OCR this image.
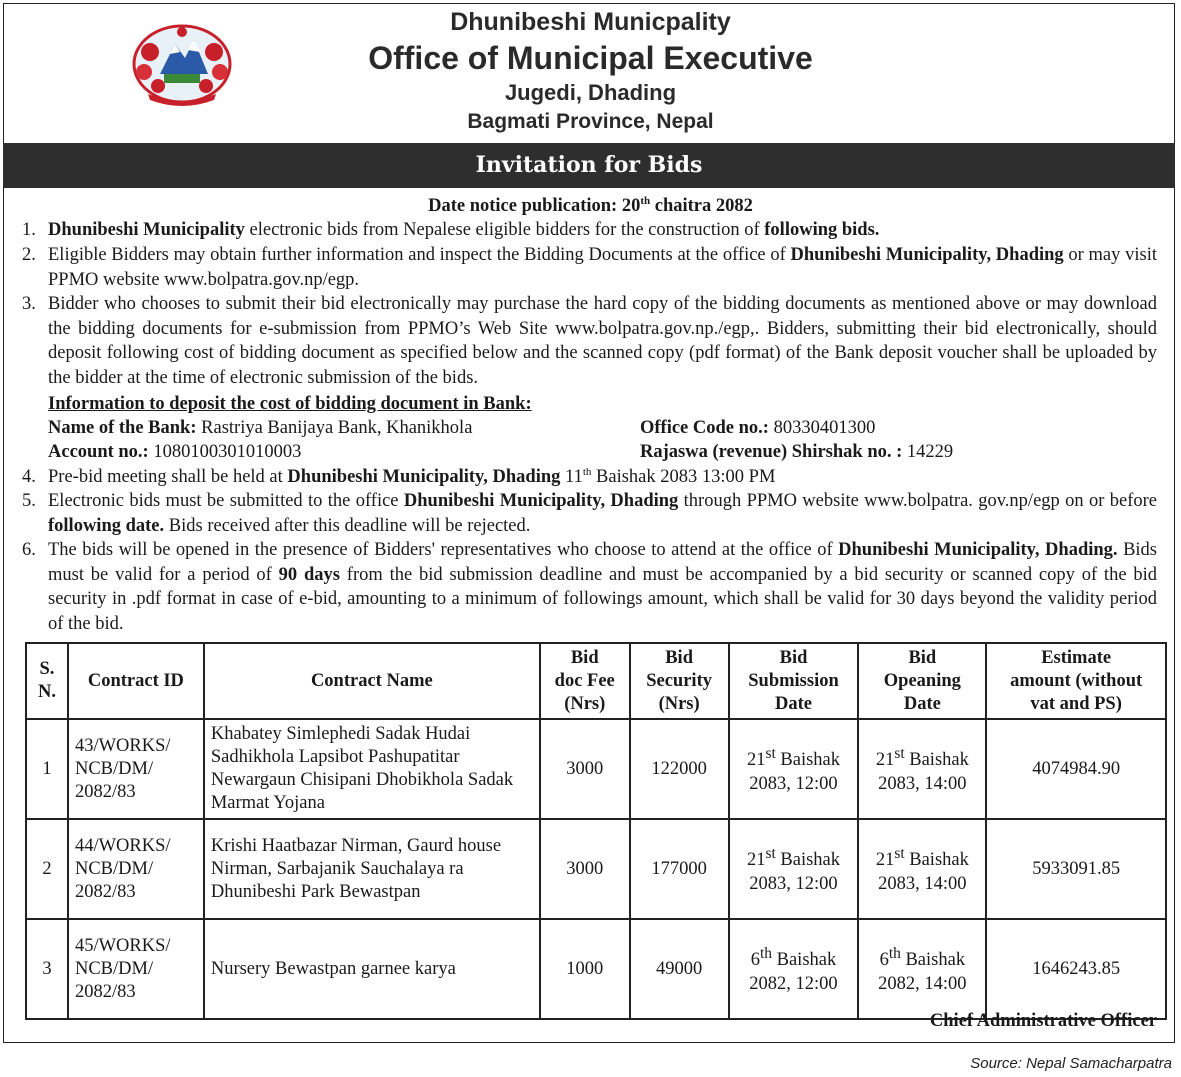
Dhunibeshi Municpality
Office of Municipal Executive
Jugedi, Dhading
Bagmati Province, Nepal
Invitation for Bids
Date notice publication: 20th chaitra 2082
1. Dhunibeshi Municipality electronic bids from Nepalese eligible bidders for the construction of following bids.
2. Eligible Bidders may obtain further information and inspect the Bidding Documents at the office of Dhunibeshi Municipality, Dhading or may visit PPMO website www.bolpatra.gov.np/egp.
3. Bidder who chooses to submit their bid electronically may purchase the hard copy of the bidding documents as mentioned above or may download the bidding documents for e-submission from PPMO’s Web Site www.bolpatra.gov.np./egp,. Bidders, submitting their bid electronically, should deposit following cost of bidding document as specified below and the scanned copy (pdf format) of the Bank deposit voucher shall be uploaded by the bidder at the time of electronic submission of the bids.
Information to deposit the cost of bidding document in Bank:
Name of the Bank: Rastriya Banijaya Bank, Khanikhola
Account no.: 1080100301010003
Office Code no.: 80330401300
Rajaswa (revenue) Shirshak no. : 14229
4. Pre-bid meeting shall be held at Dhunibeshi Municipality, Dhading 11th Baishak 2083 13:00 PM
5. Electronic bids must be submitted to the office Dhunibeshi Municipality, Dhading through PPMO website www.bolpatra. gov.np/egp on or before following date. Bids received after this deadline will be rejected.
6. The bids will be opened in the presence of Bidders' representatives who choose to attend at the office of Dhunibeshi Municipality, Dhading. Bids must be valid for a period of 90 days from the bid submission deadline and must be accompanied by a bid security or scanned copy of the bid security in .pdf format in case of e-bid, amounting to a minimum of followings amount, which shall be valid for 30 days beyond the validity period of the bid.
S.
N.	Contract ID	Contract Name	Bid
doc Fee
(Nrs)	Bid
Security
(Nrs)	Bid
Submission
Date	Bid
Opeaning
Date	Estimate
amount (without
vat and PS)
1	43/WORKS/
NCB/DM/
2082/83	Khabatey Simlephedi Sadak Hudai Sadhikhola Lapsibot Pashupatitar Newargaun Chisipani Dhobikhola Sadak Marmat Yojana	3000	122000	21st Baishak
2083, 12:00	21st Baishak
2083, 14:00	4074984.90
2	44/WORKS/
NCB/DM/
2082/83	Krishi Haatbazar Nirman, Gaurd house Nirman, Sarbajanik Sauchalaya ra Dhunibeshi Park Bewastpan	3000	177000	21st Baishak
2083, 12:00	21st Baishak
2083, 14:00	5933091.85
3	45/WORKS/
NCB/DM/
2082/83	Nursery Bewastpan garnee karya	1000	49000	6th Baishak
2082, 12:00	6th Baishak
2082, 14:00	1646243.85
Chief Administrative Officer
Source: Nepal Samacharpatra
